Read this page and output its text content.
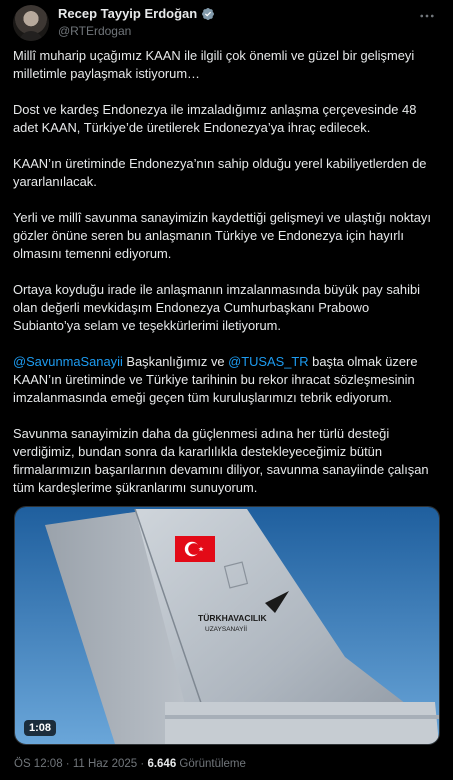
Recep Tayyip Erdoğan
@RTErdogan

Millî muharip uçağımız KAAN ile ilgili çok önemli ve güzel bir gelişmeyi
milletimle paylaşmak istiyorum…

Dost ve kardeş Endonezya ile imzaladığımız anlaşma çerçevesinde 48
adet KAAN, Türkiye’de üretilerek Endonezya’ya ihraç edilecek.

KAAN’ın üretiminde Endonezya’nın sahip olduğu yerel kabiliyetlerden de
yararlanılacak.

Yerli ve millî savunma sanayimizin kaydettiği gelişmeyi ve ulaştığı noktayı
gözler önüne seren bu anlaşmanın Türkiye ve Endonezya için hayırlı
olmasını temenni ediyorum.

Ortaya koyduğu irade ile anlaşmanın imzalanmasında büyük pay sahibi
olan değerli mevkidaşım Endonezya Cumhurbaşkanı Prabowo
Subianto’ya selam ve teşekkürlerimi iletiyorum.

@SavunmaSanayii Başkanlığımız ve @TUSAS_TR başta olmak üzere
KAAN’ın üretiminde ve Türkiye tarihinin bu rekor ihracat sözleşmesinin
imzalanmasında emeği geçen tüm kuruluşlarımızı tebrik ediyorum.

Savunma sanayimizin daha da güçlenmesi adına her türlü desteği
verdiğimiz, bundan sonra da kararlılıkla destekleyeceğimiz bütün
firmalarımızın başarılarının devamını diliyor, savunma sanayiinde çalışan
tüm kardeşlerime şükranlarımı sunuyorum.

TÜRKHAVACILIK
UZAYSANAYİİ
1:08
ÖS 12:08 · 11 Haz 2025 · 6.646 Görüntüleme
